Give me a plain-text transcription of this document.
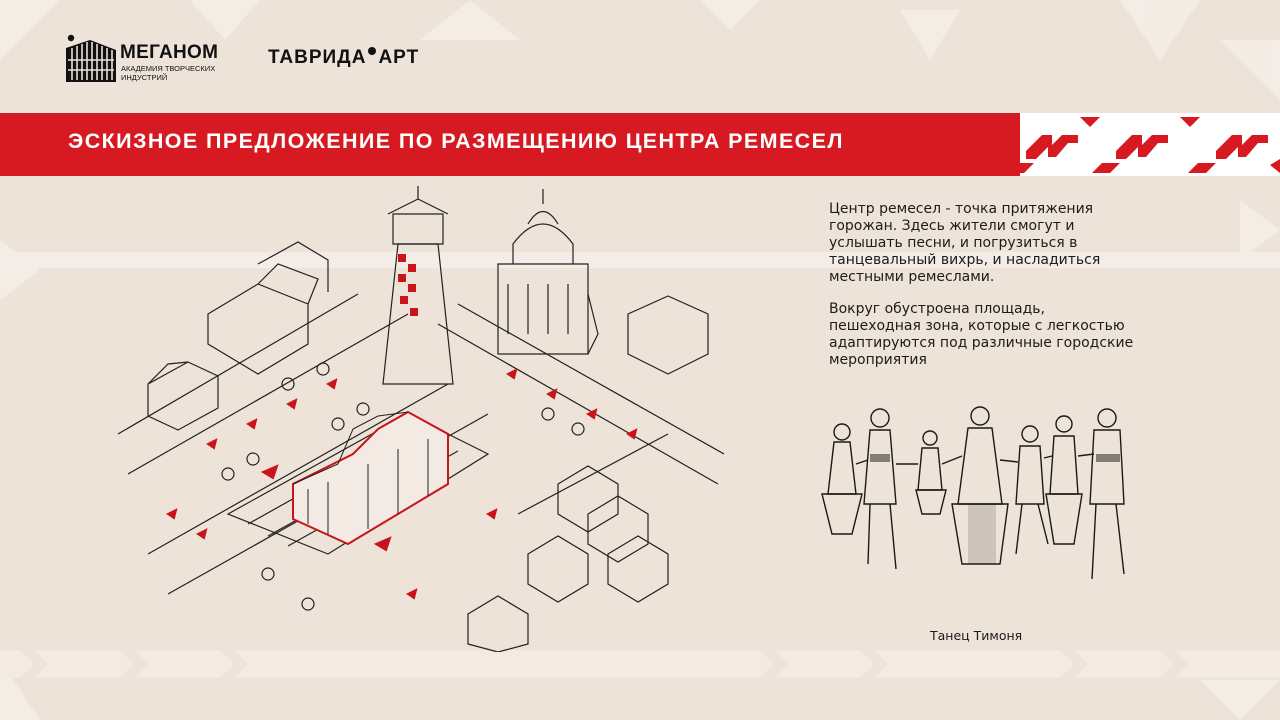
МЕГАНОМ
АКАДЕМИЯ ТВОРЧЕСКИХ
ИНДУСТРИЙ
ТАВРИДА АРТ
ЭСКИЗНОЕ ПРЕДЛОЖЕНИЕ ПО РАЗМЕЩЕНИЮ ЦЕНТРА РЕМЕСЕЛ
Центр ремесел - точка притяжения
горожан. Здесь жители смогут и
услышать песни, и погрузиться в
танцевальный вихрь, и насладиться
местными ремеслами.
Вокруг обустроена площадь,
пешеходная зона, которые с легкостью
адаптируются под различные городские
мероприятия
Танец Тимоня
